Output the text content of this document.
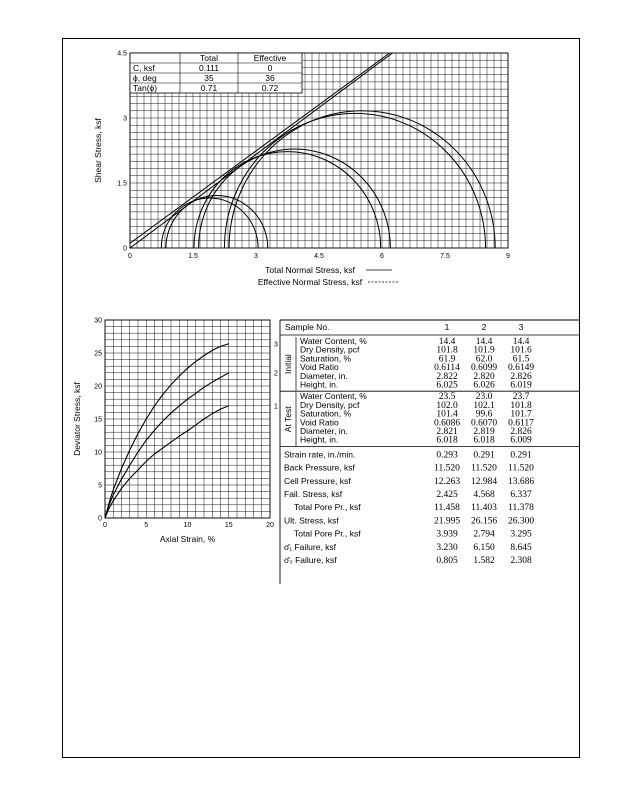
0	1.5	3	4.5	6	7.5	9
0
1.5
3
4.5
Shear Stress, ksf
Total Normal Stress, ksf
Effective Normal Stress, ksf
Total	Effective
C, ksf	0.111	0
ϕ, deg	35	36
Tan(ϕ)	0.71	0.72
0	5	10	15	20
0
5
10
15
20
25
30
Deviator Stress, ksf
Axial Strain, %
3
2
1
Sample No.	1	2	3
Initial
Water Content, %	14.4 14.4 14.4
Dry Density, pcf	101.8 101.9 101.6
Saturation, %	61.9 62.0 61.5
Void Ratio	0.6114 0.6099 0.6149
Diameter, in.	2.822 2.820 2.826
Height, in.	6.025 6.026 6.019
At Test
Water Content, %	23.5 23.0 23.7
Dry Density, pcf	102.0 102.1 101.8
Saturation, %	101.4 99.6 101.7
Void Ratio	0.6086 0.6070 0.6117
Diameter, in.	2.821 2.819 2.826
Height, in.	6.018 6.018 6.009
Strain rate, in./min.	0.293 0.291 0.291
Back Pressure, ksf	11.520 11.520 11.520
Cell Pressure, ksf	12.263 12.984 13.686
Fail. Stress, ksf	2.425 4.568 6.337
Total Pore Pr., ksf	11.458 11.403 11.378
Ult. Stress, ksf	21.995 26.156 26.300
Total Pore Pr., ksf	3.939 2.794 3.295
σ̄₁ Failure, ksf	3.230 6.150 8.645
σ̄₃ Failure, ksf	0.805 1.582 2.308
